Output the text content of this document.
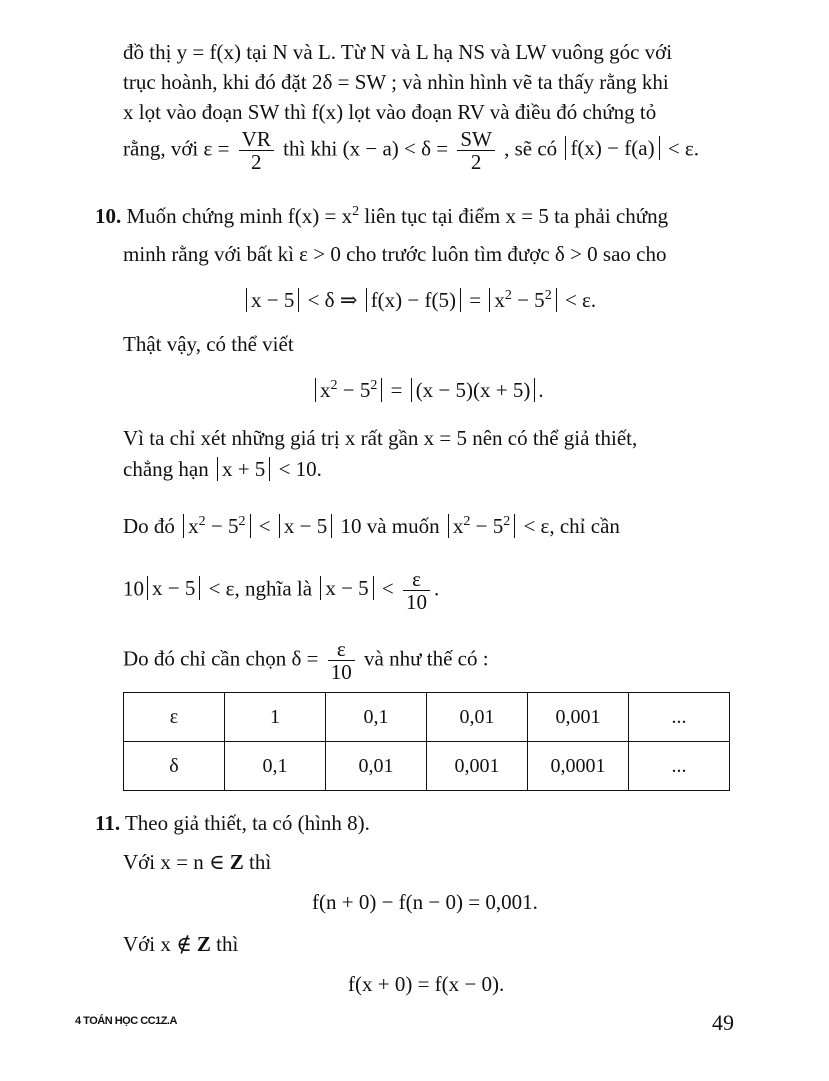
đồ thị y = f(x) tại N và L. Từ N và L hạ NS và LW vuông góc với
trục hoành, khi đó đặt 2δ = SW ; và nhìn hình vẽ ta thấy rằng khi
x lọt vào đoạn SW thì f(x) lọt vào đoạn RV và điều đó chứng tỏ
rằng, với $\varepsilon = \frac{VR}{2}$ thì khi $(x - a) < \delta = \frac{SW}{2}$ , sẽ có f(x) − f(a) < ε.
10. Muốn chứng minh $f(x) = x^2$ liên tục tại điểm x = 5 ta phải chứng
minh rằng với bất kì ε > 0 cho trước luôn tìm được δ > 0 sao cho
x − 5 < δ ⇒ $f(x) - f(5) = x^2 - 5^2 < \varepsilon$.
Thật vậy, có thể viết
$x^2 - 5^2 = (x - 5)(x + 5)$ .
Vì ta chỉ xét những giá trị x rất gần x = 5 nên có thể giả thiết,
chẳng hạn x + 5 < 10.
Do đó $x^2 - 5^2 < x - 5$ 10 và muốn $x^2 - 5^2 < \varepsilon$, chỉ cần
10 x − 5 < ε, nghĩa là $x - 5 < \frac{\varepsilon}{10}$ .
Do đó chỉ cần chọn $\delta = \frac{\varepsilon}{10}$ và như thế có :
ε	1	0,1	0,01	0,001	...
δ	0,1	0,01	0,001	0,0001	...
11. Theo giả thiết, ta có (hình 8).
Với x = n ∈ Z thì
f(n + 0) − f(n − 0) = 0,001.
Với x ∉ Z thì
f(x + 0) = f(x − 0).
4 TOÁN HỌC CC1Z.A	49
